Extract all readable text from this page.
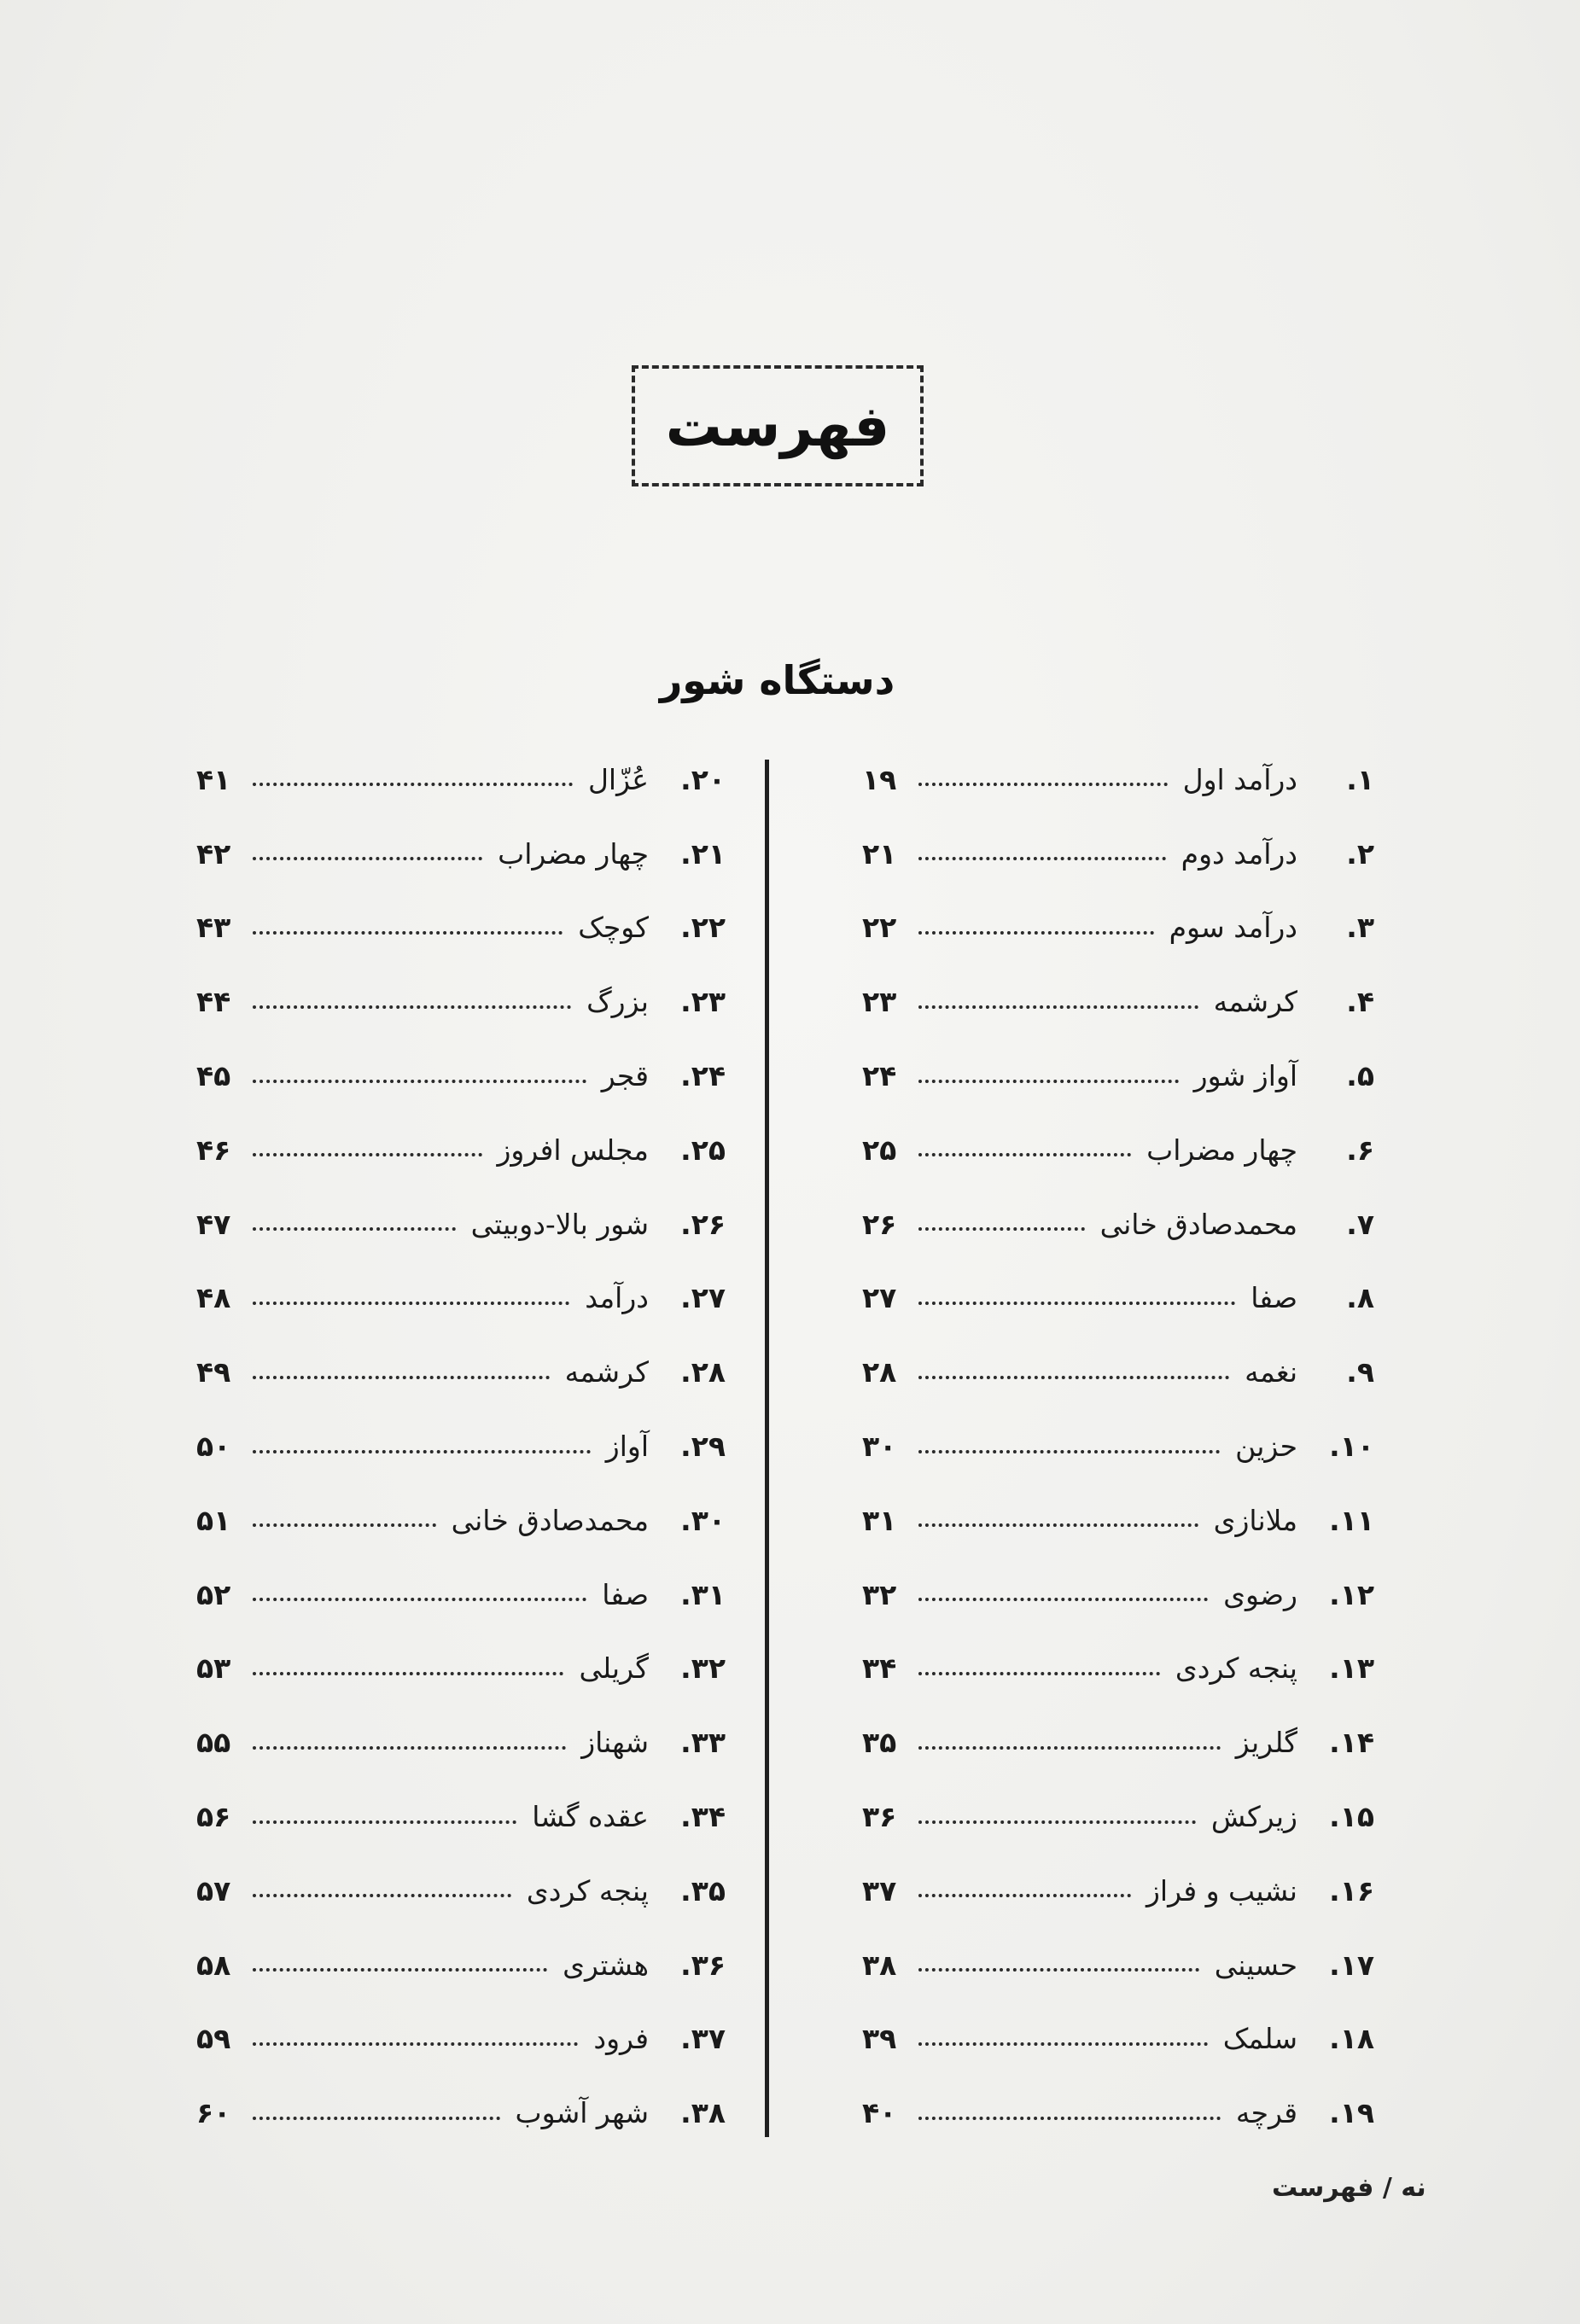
فهرست
دستگاه شور
۱.
درآمد اول
۱۹
۲.
درآمد دوم
۲۱
۳.
درآمد سوم
۲۲
۴.
کرشمه
۲۳
۵.
آواز شور
۲۴
۶.
چهار مضراب
۲۵
۷.
محمدصادق خانی
۲۶
۸.
صفا
۲۷
۹.
نغمه
۲۸
۱۰.
حزین
۳۰
۱۱.
ملانازی
۳۱
۱۲.
رضوی
۳۲
۱۳.
پنجه کردی
۳۴
۱۴.
گلریز
۳۵
۱۵.
زیرکش
۳۶
۱۶.
نشیب و فراز
۳۷
۱۷.
حسینی
۳۸
۱۸.
سلمک
۳۹
۱۹.
قرچه
۴۰
۲۰.
عُزّال
۴۱
۲۱.
چهار مضراب
۴۲
۲۲.
کوچک
۴۳
۲۳.
بزرگ
۴۴
۲۴.
قجر
۴۵
۲۵.
مجلس افروز
۴۶
۲۶.
شور بالا-دوبیتی
۴۷
۲۷.
درآمد
۴۸
۲۸.
کرشمه
۴۹
۲۹.
آواز
۵۰
۳۰.
محمدصادق خانی
۵۱
۳۱.
صفا
۵۲
۳۲.
گریلی
۵۳
۳۳.
شهناز
۵۵
۳۴.
عقده گشا
۵۶
۳۵.
پنجه کردی
۵۷
۳۶.
هشتری
۵۸
۳۷.
فرود
۵۹
۳۸.
شهر آشوب
۶۰
نه / فهرست
